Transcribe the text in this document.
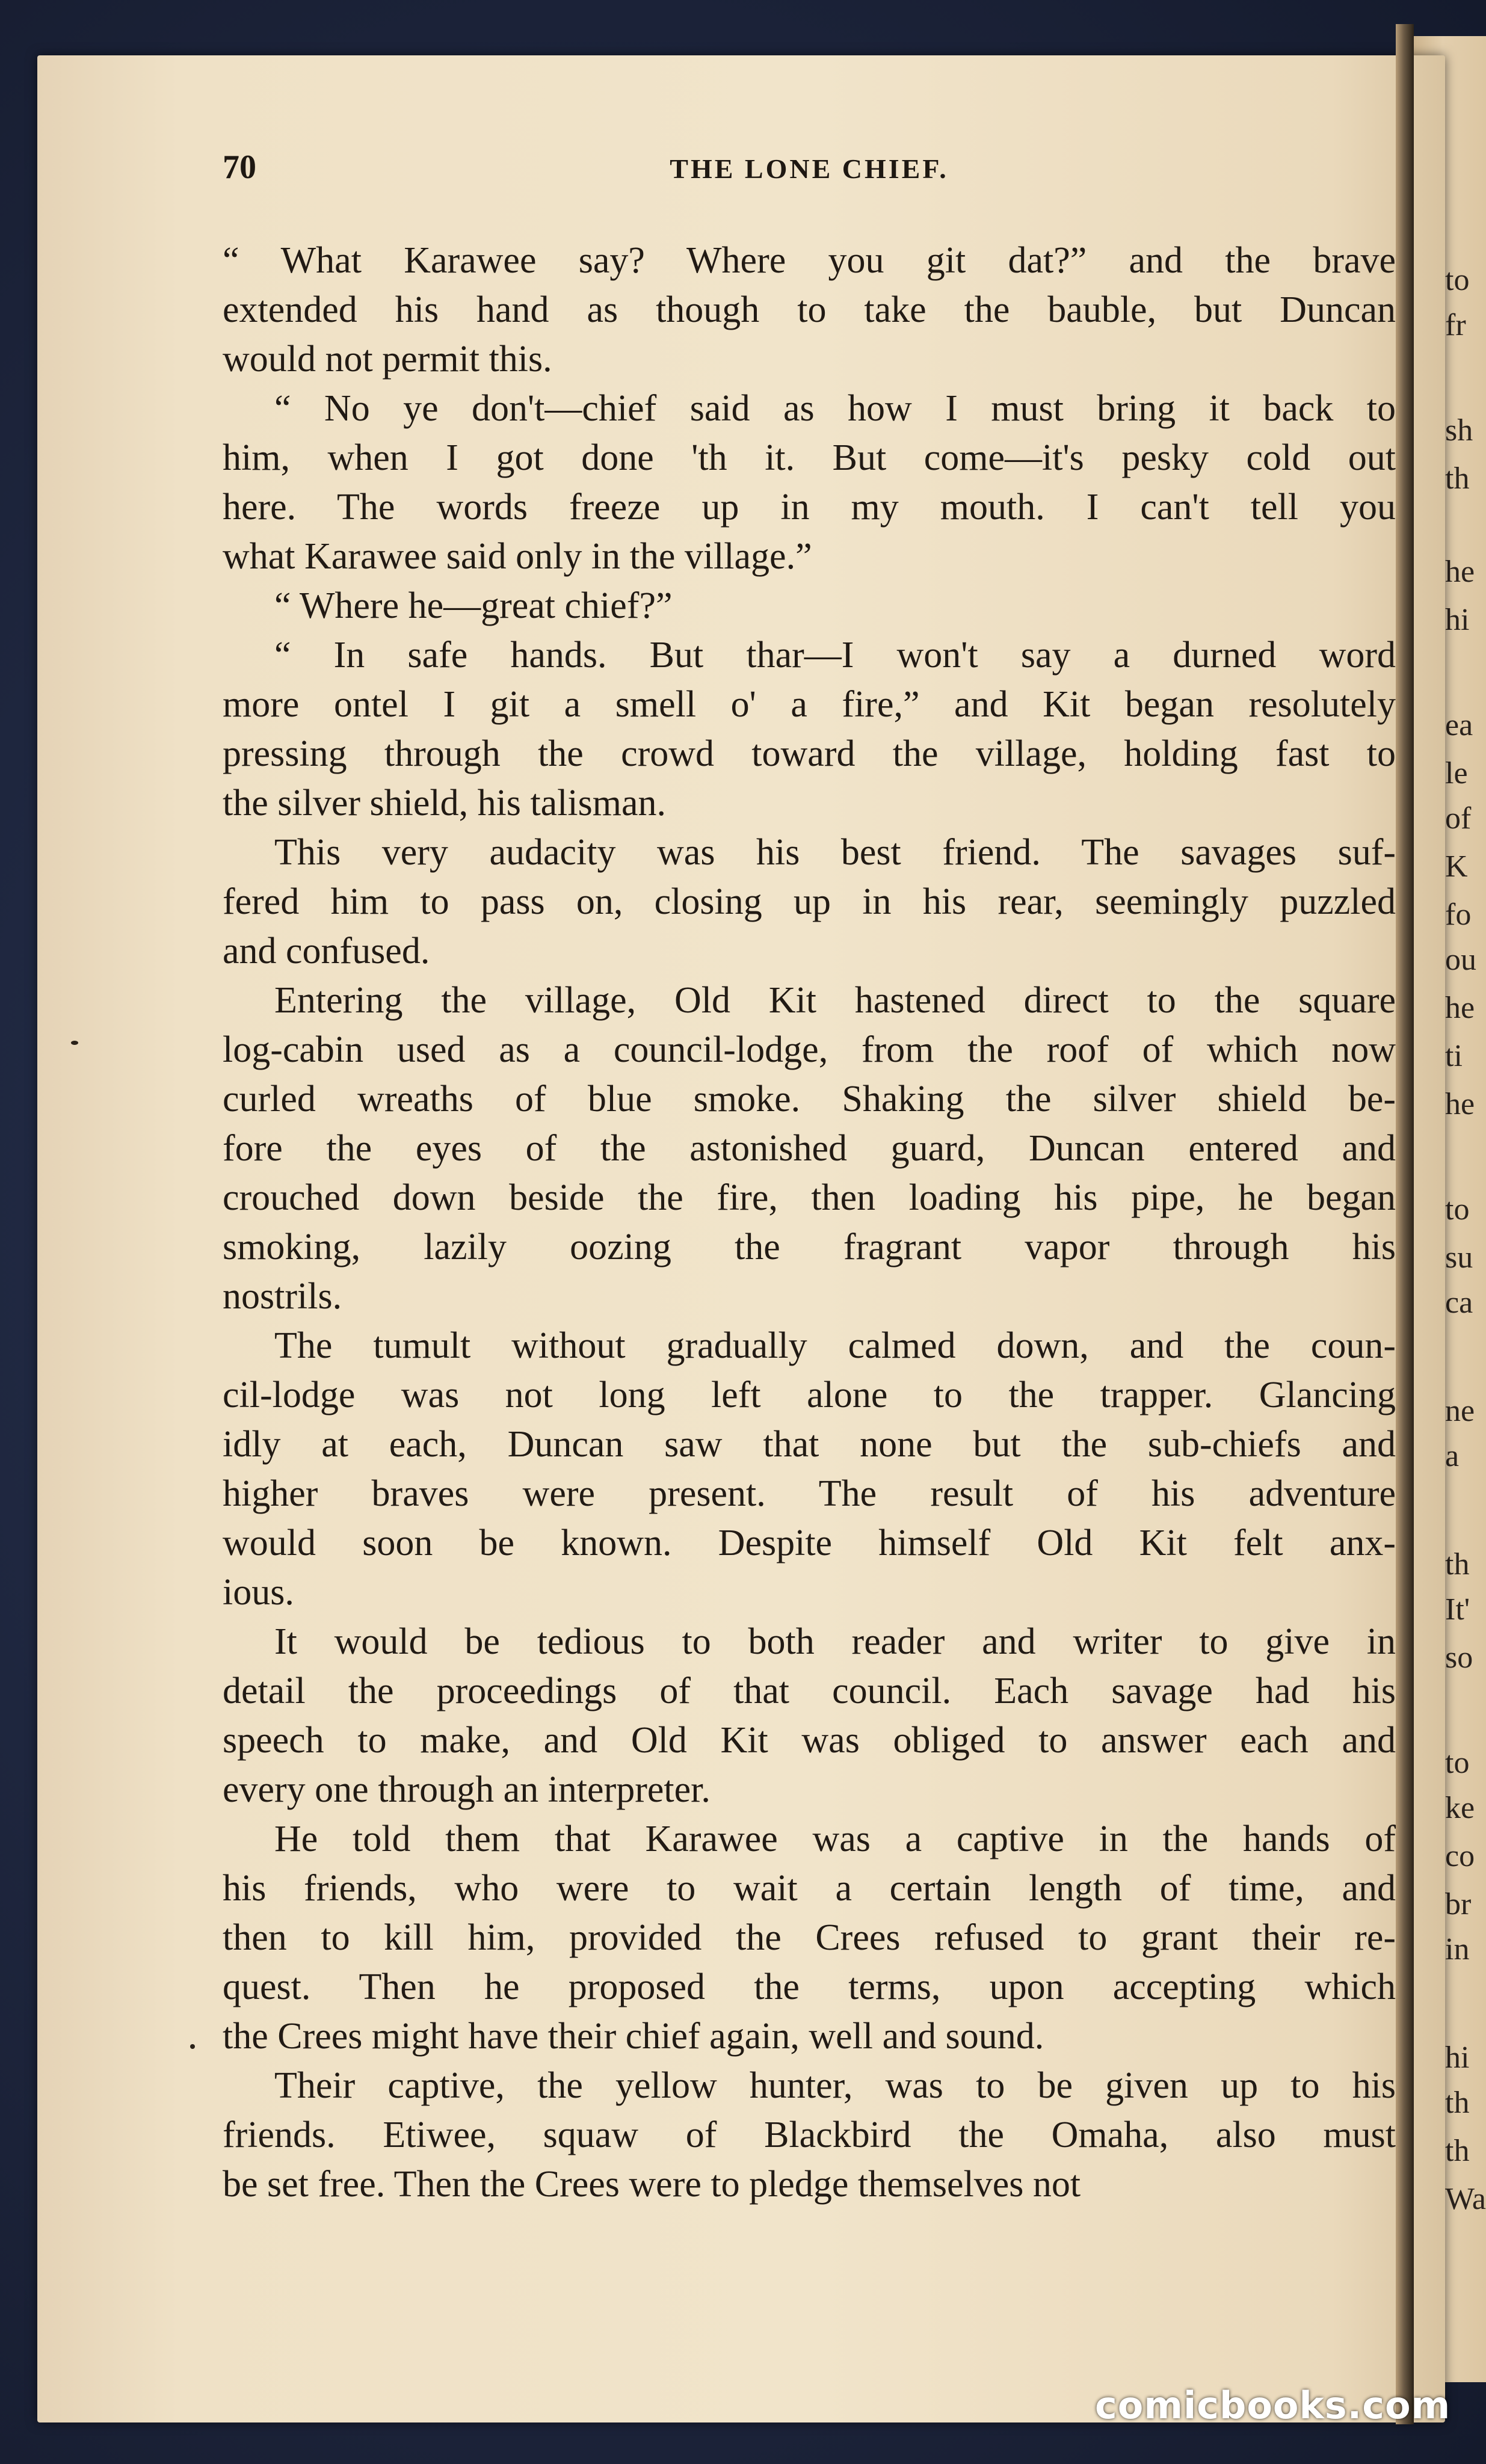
to
fr
sh
th
he
hi
ea
le
of
K
fo
ou
he
ti
he
to
su
ca
ne
a
th
It'
so
to
ke
co
br
in
hi
th
th
Wa
70	THE LONE CHIEF.
“ What Karawee say? Where you git dat?” and the brave
extended his hand as though to take the bauble, but Duncan
would not permit this.
“ No ye don't—chief said as how I must bring it back to
him, when I got done 'th it. But come—it's pesky cold out
here. The words freeze up in my mouth. I can't tell you
what Karawee said only in the village.”
“ Where he—great chief?”
“ In safe hands. But thar—I won't say a durned word
more ontel I git a smell o' a fire,” and Kit began resolutely
pressing through the crowd toward the village, holding fast to
the silver shield, his talisman.
This very audacity was his best friend. The savages suf-
fered him to pass on, closing up in his rear, seemingly puzzled
and confused.
Entering the village, Old Kit hastened direct to the square
log-cabin used as a council-lodge, from the roof of which now
curled wreaths of blue smoke. Shaking the silver shield be-
fore the eyes of the astonished guard, Duncan entered and
crouched down beside the fire, then loading his pipe, he began
smoking, lazily oozing the fragrant vapor through his
nostrils.
The tumult without gradually calmed down, and the coun-
cil-lodge was not long left alone to the trapper. Glancing
idly at each, Duncan saw that none but the sub-chiefs and
higher braves were present. The result of his adventure
would soon be known. Despite himself Old Kit felt anx-
ious.
It would be tedious to both reader and writer to give in
detail the proceedings of that council. Each savage had his
speech to make, and Old Kit was obliged to answer each and
every one through an interpreter.
He told them that Karawee was a captive in the hands of
his friends, who were to wait a certain length of time, and
then to kill him, provided the Crees refused to grant their re-
quest. Then he proposed the terms, upon accepting which
the Crees might have their chief again, well and sound.
Their captive, the yellow hunter, was to be given up to his
friends. Etiwee, squaw of Blackbird the Omaha, also must
be set free. Then the Crees were to pledge themselves not
comicbooks.com
